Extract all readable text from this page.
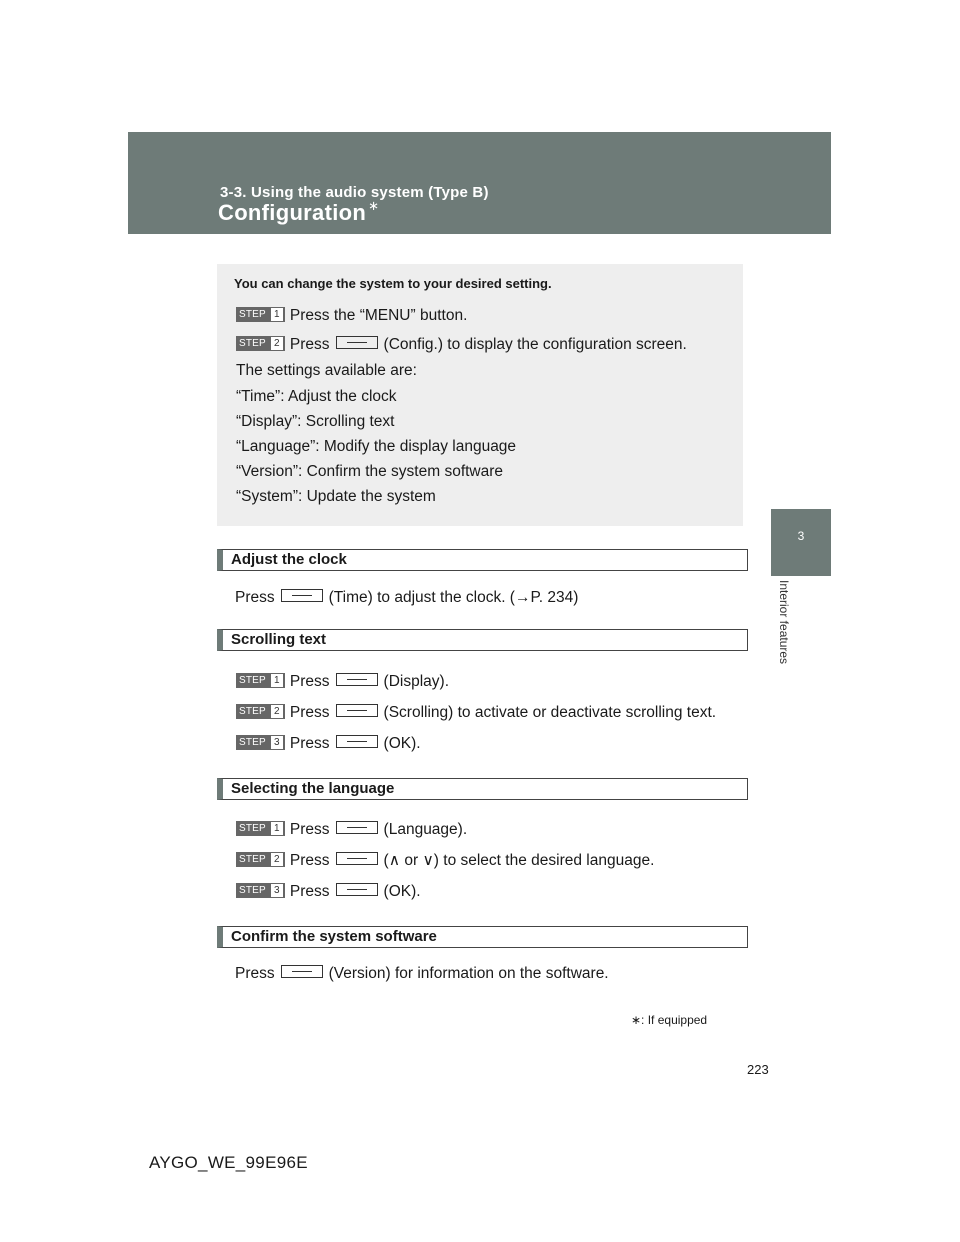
3-3. Using the audio system (Type B)
Configuration ∗
3
Interior features
You can change the system to your desired setting.
STEP 1 Press the “MENU” button.
STEP 2 Press	(Config.) to display the configuration screen.
The settings available are:
“Time”: Adjust the clock
“Display”: Scrolling text
“Language”: Modify the display language
“Version”: Confirm the system software
“System”: Update the system
Adjust the clock
Press	(Time) to adjust the clock. (→P. 234)
Scrolling text
STEP 1 Press	(Display).
STEP 2 Press	(Scrolling) to activate or deactivate scrolling text.
STEP 3 Press	(OK).
Selecting the language
STEP 1 Press	(Language).
STEP 2 Press	(∧ or ∨) to select the desired language.
STEP 3 Press	(OK).
Confirm the system software
Press	(Version) for information on the software.
∗: If equipped
223
AYGO_WE_99E96E
